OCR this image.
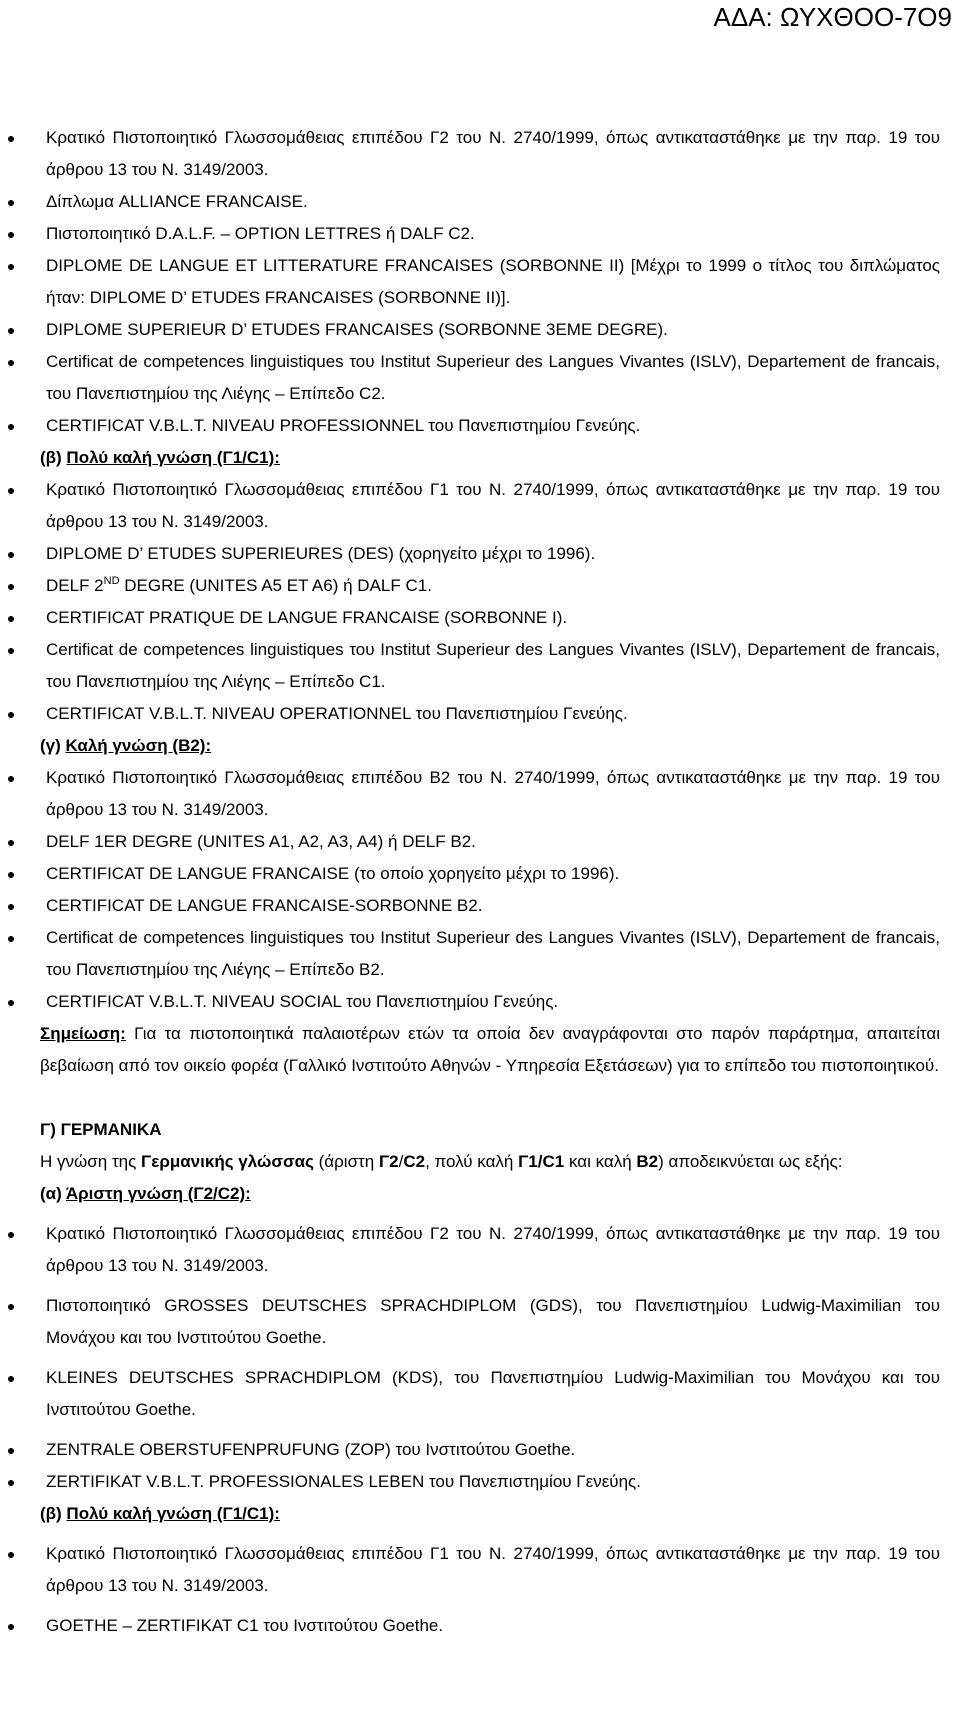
ΑΔΑ: ΩΥΧΘΟΟ-7Ο9
Κρατικό Πιστοποιητικό Γλωσσομάθειας επιπέδου Γ2 του Ν. 2740/1999, όπως αντικαταστάθηκε με την παρ. 19 του άρθρου 13 του Ν. 3149/2003.
Δίπλωμα ALLIANCE FRANCAISE.
Πιστοποιητικό D.A.L.F. – OPTION LETTRES ή DALF C2.
DIPLOME DE LANGUE ET LITTERATURE FRANCAISES (SORBONNE II) [Μέχρι το 1999 ο τίτλος του διπλώματος ήταν: DIPLOME D’ ETUDES FRANCAISES (SORBONNE II)].
DIPLOME SUPERIEUR D’ ETUDES FRANCAISES (SORBONNE 3EME DEGRE).
Certificat de competences linguistiques του Institut Superieur des Langues Vivantes (ISLV), Departement de francais, του Πανεπιστημίου της Λιέγης – Επίπεδο C2.
CERTIFICAT V.B.L.T. NIVEAU PROFESSIONNEL του Πανεπιστημίου Γενεύης.

(β) Πολύ καλή γνώση (Γ1/C1):

Κρατικό Πιστοποιητικό Γλωσσομάθειας επιπέδου Γ1 του Ν. 2740/1999, όπως αντικαταστάθηκε με την παρ. 19 του άρθρου 13 του Ν. 3149/2003.
DIPLOME D’ ETUDES SUPERIEURES (DES) (χορηγείτο μέχρι το 1996).
DELF 2ND DEGRE (UNITES A5 ET A6) ή DALF C1.
CERTIFICAT PRATIQUE DE LANGUE FRANCAISE (SORBONNE I).
Certificat de competences linguistiques του Institut Superieur des Langues Vivantes (ISLV), Departement de francais, του Πανεπιστημίου της Λιέγης – Επίπεδο C1.
CERTIFICAT V.B.L.T. NIVEAU OPERATIONNEL του Πανεπιστημίου Γενεύης.

(γ) Καλή γνώση (Β2):

Κρατικό Πιστοποιητικό Γλωσσομάθειας επιπέδου Β2 του Ν. 2740/1999, όπως αντικαταστάθηκε με την παρ. 19 του άρθρου 13 του Ν. 3149/2003.
DELF 1ER DEGRE (UNITES A1, A2, A3, A4) ή DELF B2.
CERTIFICAT DE LANGUE FRANCAISE (το οποίο χορηγείτο μέχρι το 1996).
CERTIFICAT DE LANGUE FRANCAISE-SORBONNE B2.
Certificat de competences linguistiques του Institut Superieur des Langues Vivantes (ISLV), Departement de francais, του Πανεπιστημίου της Λιέγης – Επίπεδο B2.
CERTIFICAT V.B.L.T. NIVEAU SOCIAL του Πανεπιστημίου Γενεύης.

Σημείωση: Για τα πιστοποιητικά παλαιοτέρων ετών τα οποία δεν αναγράφονται στο παρόν παράρτημα, απαιτείται βεβαίωση από τον οικείο φορέα (Γαλλικό Ινστιτούτο Αθηνών - Υπηρεσία Εξετάσεων) για το επίπεδο του πιστοποιητικού.

Γ) ΓΕΡΜΑΝΙΚΑ

Η γνώση της Γερμανικής γλώσσας (άριστη Γ2/C2, πολύ καλή Γ1/C1 και καλή Β2) αποδεικνύεται ως εξής:

(α) Άριστη γνώση (Γ2/C2):

Κρατικό Πιστοποιητικό Γλωσσομάθειας επιπέδου Γ2 του Ν. 2740/1999, όπως αντικαταστάθηκε με την παρ. 19 του άρθρου 13 του Ν. 3149/2003.
Πιστοποιητικό GROSSES DEUTSCHES SPRACHDIPLOM (GDS), του Πανεπιστημίου Ludwig-Maximilian του Μονάχου και του Ινστιτούτου Goethe.
KLEINES DEUTSCHES SPRACHDIPLOM (KDS), του Πανεπιστημίου Ludwig-Maximilian του Μονάχου και του Ινστιτούτου Goethe.
ZENTRALE OBERSTUFENPRUFUNG (ZOP) του Ινστιτούτου Goethe.
ZERTIFIKAT V.B.L.T. PROFESSIONALES LEBEN του Πανεπιστημίου Γενεύης.

(β) Πολύ καλή γνώση (Γ1/C1):

Κρατικό Πιστοποιητικό Γλωσσομάθειας επιπέδου Γ1 του Ν. 2740/1999, όπως αντικαταστάθηκε με την παρ. 19 του άρθρου 13 του Ν. 3149/2003.
GOETHE – ZERTIFIKAT C1 του Ινστιτούτου Goethe.
